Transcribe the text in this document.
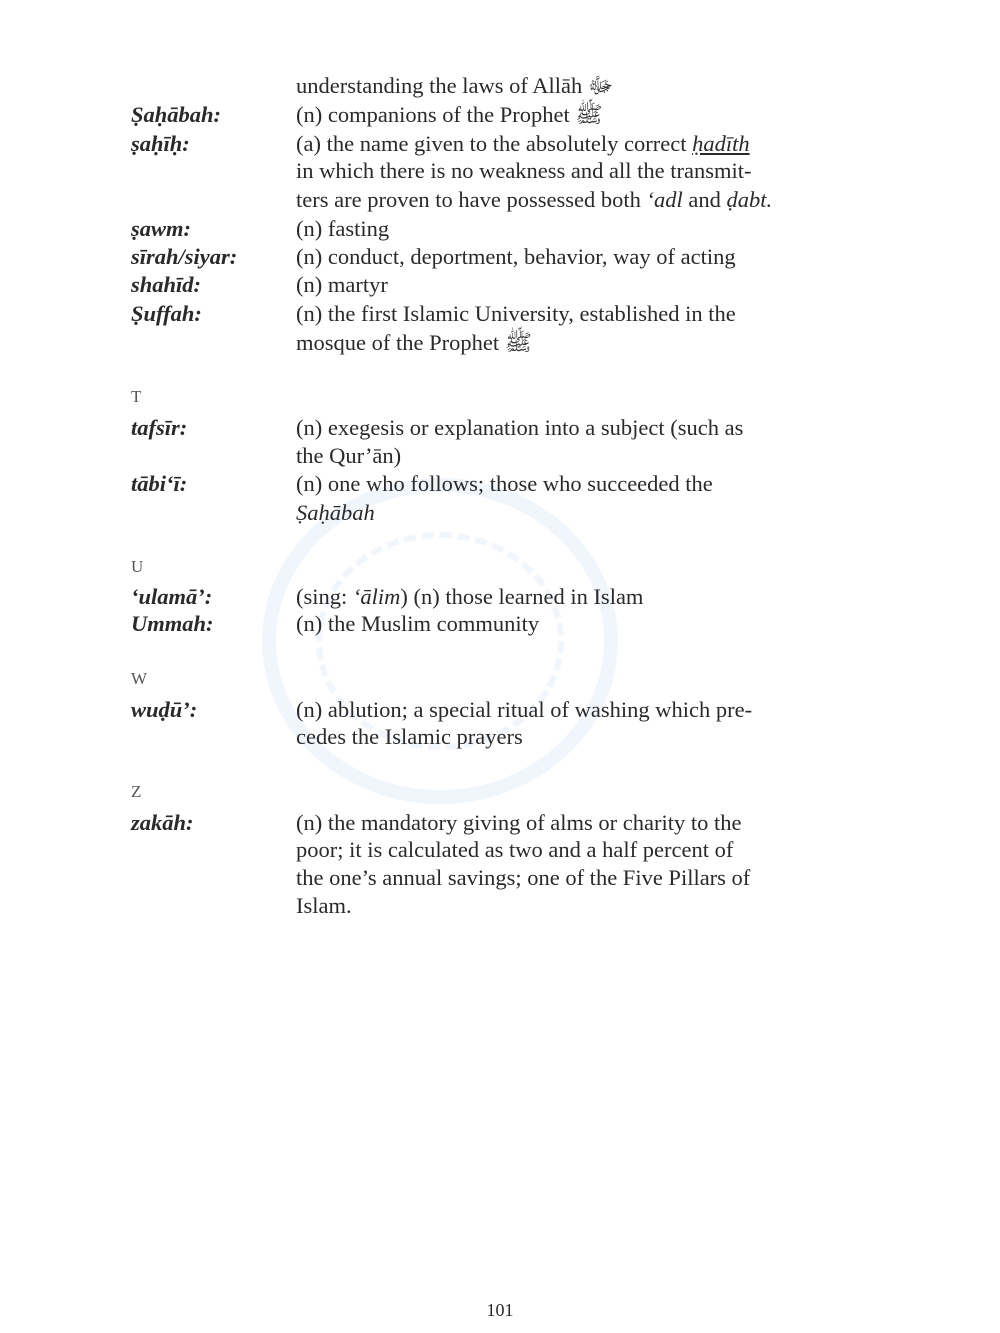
understanding the laws of Allāh ﷻ
Ṣaḥābah:	(n) companions of the Prophet ﷺ
ṣaḥīḥ:	(a) the name given to the absolutely correct ḥadīth
in which there is no weakness and all the transmit-
ters are proven to have possessed both ‘adl and ḍabt.
ṣawm:	(n) fasting
sīrah/siyar:	(n) conduct, deportment, behavior, way of acting
shahīd:	(n) martyr
Ṣuffah:	(n) the first Islamic University, established in the
mosque of the Prophet ﷺ
T
tafsīr:	(n) exegesis or explanation into a subject (such as
the Qur’ān)
tābi‘ī:	(n) one who follows; those who succeeded the
Ṣaḥābah
U
‘ulamā’:	(sing: ‘ālim) (n) those learned in Islam
Ummah:	(n) the Muslim community
W
wuḍū’:	(n) ablution; a special ritual of washing which pre-
cedes the Islamic prayers
Z
zakāh:	(n) the mandatory giving of alms or charity to the
poor; it is calculated as two and a half percent of
the one’s annual savings; one of the Five Pillars of
Islam.
101
